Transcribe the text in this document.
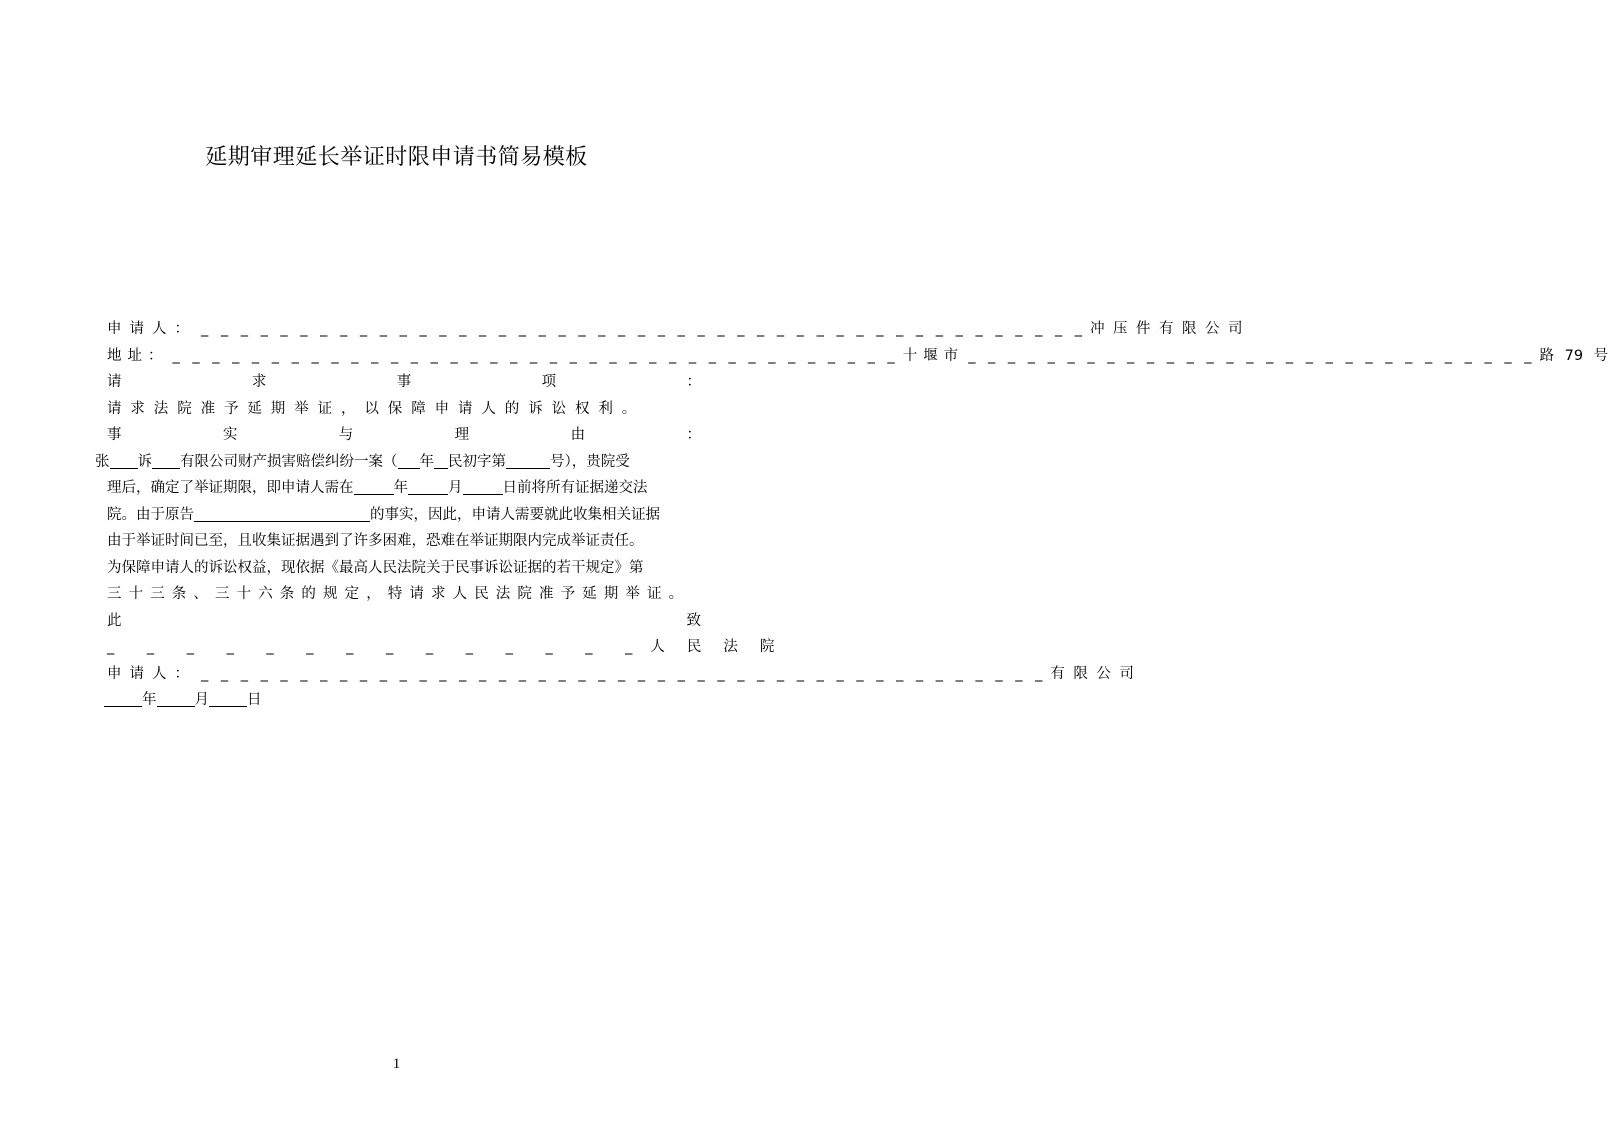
延期审理延长举证时限申请书简易模板
申请人： _ _ _ _ _ _ _ _ _ _ _ _ _ _ _ _ _ _ _ _ _ _ _ _ _ _ _ _ _ _ _ _ _ _ _ _ _ _ _ _ _ _ _ _ _ 冲压件有限公司
地址： _ _ _ _ _ _ _ _ _ _ _ _ _ _ _ _ _ _ _ _ _ _ _ _ _ _ _ _ _ _ _ _ _ _ _ _ _ 十堰市 _ _ _ _ _ _ _ _ _ _ _ _ _ _ _ _ _ _ _ _ _ _ _ _ _ _ _ _ _ 路 79 号
请	求	事	项	：
请求法院准予延期举证，以保障申请人的诉讼权利。
事	实	与	理	由	：
张 诉 有限公司财产损害赔偿纠纷一案（ 年 民初字第	号），贵院受
理后，确定了举证期限，即申请人需在	年	月	日前将所有证据递交法
院。由于原告	的事实，因此，申请人需要就此收集相关证据
由于举证时间已至，且收集证据遇到了许多困难，恐难在举证期限内完成举证责任。
为保障申请人的诉讼权益，现依据《最高人民法院关于民事诉讼证据的若干规定》第
三十三条、三十六条的规定，特请求人民法院准予延期举证。
此	致
_ _ _ _ _ _ _ _ _ _ _ _ _ _ 人民法院
申请人： _ _ _ _ _ _ _ _ _ _ _ _ _ _ _ _ _ _ _ _ _ _ _ _ _ _ _ _ _ _ _ _ _ _ _ _ _ _ _ _ _ _ _ 有限公司
年	月	日
1
